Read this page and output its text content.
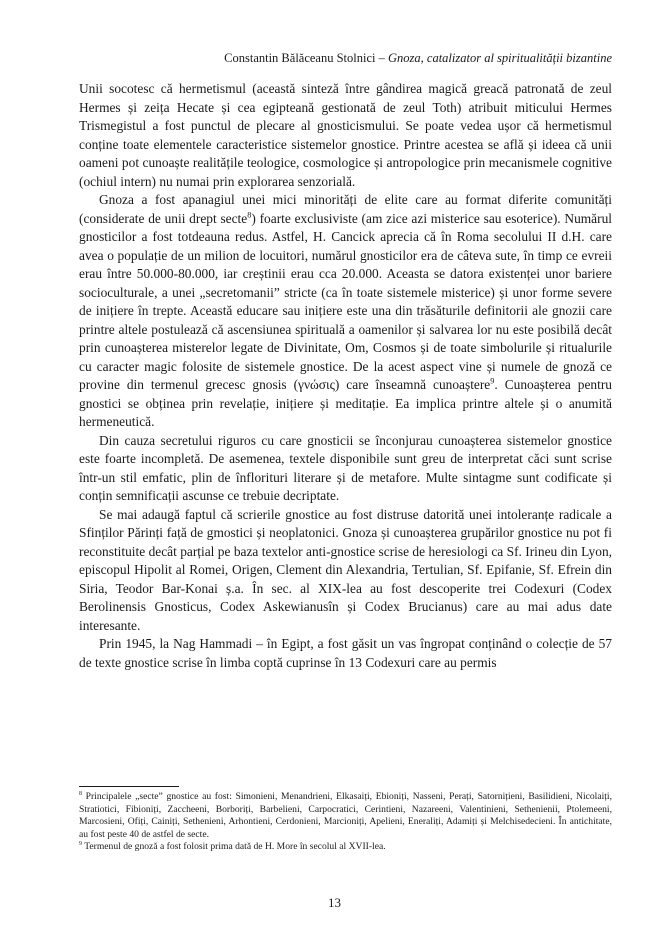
Constantin Bălăceanu Stolnici – Gnoza, catalizator al spiritualității bizantine

Unii socotesc că hermetismul (această sinteză între gândirea magică greacă patronată de zeul Hermes și zeița Hecate și cea egipteană gestionată de zeul Toth) atribuit miticului Hermes Trismegistul a fost punctul de plecare al gnosticismului. Se poate vedea ușor că hermetismul conține toate elementele caracteristice sistemelor gnostice. Printre acestea se află și ideea că unii oameni pot cunoaște realitățile teologice, cosmologice și antropologice prin mecanismele cognitive (ochiul intern) nu numai prin explorarea senzorială.

Gnoza a fost apanagiul unei mici minorități de elite care au format diferite comunități (considerate de unii drept secte$^8$) foarte exclusiviste (am zice azi misterice sau esoterice). Numărul gnosticilor a fost totdeauna redus. Astfel, H. Cancick aprecia că în Roma secolului II d.H. care avea o populație de un milion de locuitori, numărul gnosticilor era de câteva sute, în timp ce evreii erau între 50.000-80.000, iar creștinii erau cca 20.000. Aceasta se datora existenței unor bariere socioculturale, a unei „secretomanii” stricte (ca în toate sistemele misterice) și unor forme severe de inițiere în trepte. Această educare sau inițiere este una din trăsăturile definitorii ale gnozii care printre altele postulează că ascensiunea spirituală a oamenilor și salvarea lor nu este posibilă decât prin cunoașterea misterelor legate de Divinitate, Om, Cosmos și de toate simbolurile și ritualurile cu caracter magic folosite de sistemele gnostice. De la acest aspect vine și numele de gnoză ce provine din termenul grecesc gnosis (γνώσις) care înseamnă cunoaștere$^9$. Cunoașterea pentru gnostici se obținea prin revelație, inițiere și meditație. Ea implica printre altele și o anumită hermeneutică.

Din cauza secretului riguros cu care gnosticii se înconjurau cunoașterea sistemelor gnostice este foarte incompletă. De asemenea, textele disponibile sunt greu de interpretat căci sunt scrise într-un stil emfatic, plin de înflorituri literare și de metafore. Multe sintagme sunt codificate și conțin semnificații ascunse ce trebuie decriptate.

Se mai adaugă faptul că scrierile gnostice au fost distruse datorită unei intoleranțe radicale a Sfinților Părinți față de gmostici și neoplatonici. Gnoza și cunoașterea grupărilor gnostice nu pot fi reconstituite decât parțial pe baza textelor anti-gnostice scrise de heresiologi ca Sf. Irineu din Lyon, episcopul Hipolit al Romei, Origen, Clement din Alexandria, Tertulian, Sf. Epifanie, Sf. Efrein din Siria, Teodor Bar-Konai ș.a. În sec. al XIX-lea au fost descoperite trei Codexuri (Codex Berolinensis Gnosticus, Codex Askewianusîn și Codex Brucianus) care au mai adus date interesante.

Prin 1945, la Nag Hammadi – în Egipt, a fost găsit un vas îngropat conținând o colecție de 57 de texte gnostice scrise în limba coptă cuprinse în 13 Codexuri care au permis

$^8$ Principalele „secte” gnostice au fost: Simonieni, Menandrieni, Elkasaiți, Ebioniți, Nasseni, Perați, Satornițieni, Basilidieni, Nicolaiți, Stratiotici, Fibioniți, Zaccheeni, Borboriți, Barbelieni, Carpocratici, Cerintieni, Nazareeni, Valentinieni, Sethenienii, Ptolemeeni, Marcosieni, Ofiți, Cainiți, Sethenieni, Arhontieni, Cerdonieni, Marcioniți, Apelieni, Eneraliți, Adamiți și Melchisedecieni. În antichitate, au fost peste 40 de astfel de secte.

$^9$ Termenul de gnoză a fost folosit prima dată de H. More în secolul al XVII-lea.

13
